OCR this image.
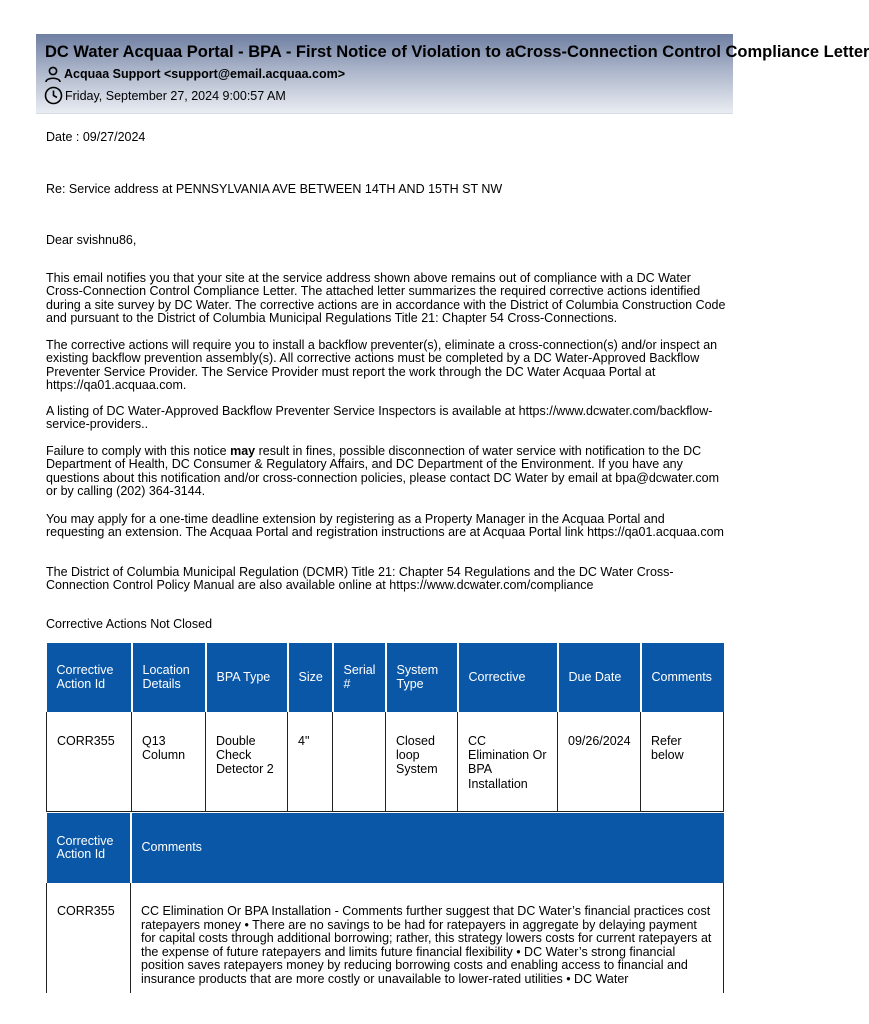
DC Water Acquaa Portal - BPA - First Notice of Violation to aCross-Connection Control Compliance Letter
Acquaa Support <support@email.acquaa.com>
Friday, September 27, 2024 9:00:57 AM
Date : 09/27/2024
Re: Service address at PENNSYLVANIA AVE BETWEEN 14TH AND 15TH ST NW
Dear svishnu86,
This email notifies you that your site at the service address shown above remains out of compliance with a DC Water Cross-Connection Control Compliance Letter. The attached letter summarizes the required corrective actions identified during a site survey by DC Water. The corrective actions are in accordance with the District of Columbia Construction Code and pursuant to the District of Columbia Municipal Regulations Title 21: Chapter 54 Cross-Connections.
The corrective actions will require you to install a backflow preventer(s), eliminate a cross-connection(s) and/or inspect an existing backflow prevention assembly(s). All corrective actions must be completed by a DC Water-Approved Backflow Preventer Service Provider. The Service Provider must report the work through the DC Water Acquaa Portal at https://qa01.acquaa.com.
A listing of DC Water-Approved Backflow Preventer Service Inspectors is available at https://www.dcwater.com/backflow-service-providers..
Failure to comply with this notice may result in fines, possible disconnection of water service with notification to the DC Department of Health, DC Consumer & Regulatory Affairs, and DC Department of the Environment. If you have any questions about this notification and/or cross-connection policies, please contact DC Water by email at bpa@dcwater.com or by calling (202) 364-3144.
You may apply for a one-time deadline extension by registering as a Property Manager in the Acquaa Portal and requesting an extension. The Acquaa Portal and registration instructions are at Acquaa Portal link https://qa01.acquaa.com
The District of Columbia Municipal Regulation (DCMR) Title 21: Chapter 54 Regulations and the DC Water Cross-Connection Control Policy Manual are also available online at https://www.dcwater.com/compliance
Corrective Actions Not Closed
Corrective Action Id	Location Details	BPA Type	Size	Serial #	System Type	Corrective	Due Date	Comments
CORR355	Q13 Column	Double Check Detector 2	4"		Closed loop System	CC Elimination Or BPA Installation	09/26/2024	Refer below
Corrective Action Id	Comments
CORR355	CC Elimination Or BPA Installation - Comments further suggest that DC Water’s financial practices cost ratepayers money • There are no savings to be had for ratepayers in aggregate by delaying payment for capital costs through additional borrowing; rather, this strategy lowers costs for current ratepayers at the expense of future ratepayers and limits future financial flexibility • DC Water’s strong financial position saves ratepayers money by reducing borrowing costs and enabling access to financial and insurance products that are more costly or unavailable to lower-rated utilities • DC Water
